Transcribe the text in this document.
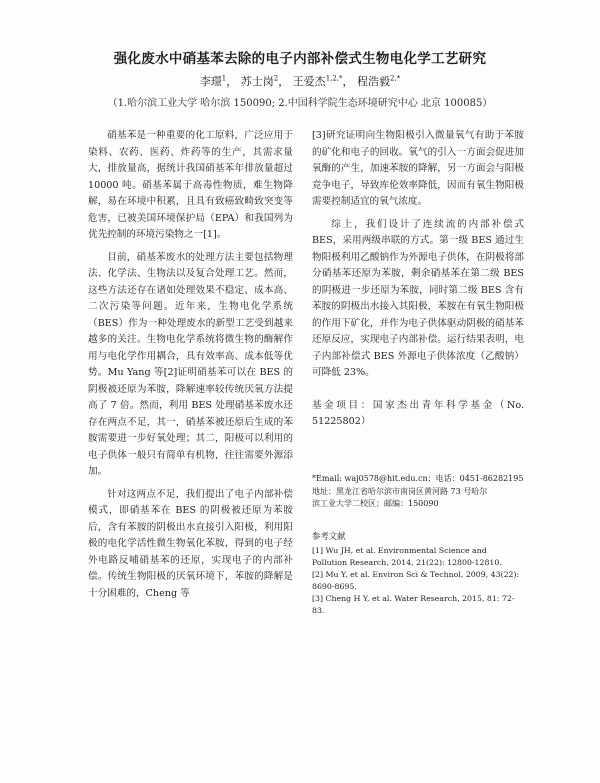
强化废水中硝基苯去除的电子内部补偿式生物电化学工艺研究
李璟$^1$， 苏士岗$^2$， 王爱杰$^{1,2,*}$， 程浩毅$^{2,*}$
（1.哈尔滨工业大学 哈尔滨 150090; 2.中国科学院生态环境研究中心 北京 100085）

硝基苯是一种重要的化工原料，广泛应用于染料、农药、医药、炸药等的生产，其需求量大，排放量高，据统计我国硝基苯年排放量超过 10000 吨。硝基苯属于高毒性物质，难生物降解，易在环境中积累，且具有致癌致畸致突变等危害，已被美国环境保护局（EPA）和我国列为优先控制的环境污染物之一[1]。

目前，硝基苯废水的处理方法主要包括物理法、化学法、生物法以及复合处理工艺。然而，这些方法还存在诸如处理效果不稳定、成本高、二次污染等问题。近年来，生物电化学系统（BES）作为一种处理废水的新型工艺受到越来越多的关注。生物电化学系统将微生物的酶解作用与电化学作用耦合，具有效率高、成本低等优势。Mu Yang 等[2]证明硝基苯可以在 BES 的阴极被还原为苯胺，降解速率较传统厌氧方法提高了 7 倍。然而，利用 BES 处理硝基苯废水还存在两点不足，其一，硝基苯被还原后生成的苯胺需要进一步好氧处理；其二，阳极可以利用的电子供体一般只有简单有机物，往往需要外源添加。

针对这两点不足，我们提出了电子内部补偿模式，即硝基苯在 BES 的阴极被还原为苯胺后，含有苯胺的阴极出水直接引入阳极，利用阳极的电化学活性微生物氧化苯胺，得到的电子经外电路反哺硝基苯的还原，实现电子的内部补偿。传统生物阳极的厌氧环境下，苯胺的降解是十分困难的，Cheng 等

[3]研究证明向生物阳极引入微量氧气有助于苯胺的矿化和电子的回收。氧气的引入一方面会促进加氧酶的产生，加速苯胺的降解，另一方面会与阳极竞争电子，导致库伦效率降低，因而有氧生物阳极需要控制适宜的氧气浓度。

综上，我们设计了连续流的内部补偿式 BES，采用两级串联的方式。第一级 BES 通过生物阳极利用乙酸钠作为外源电子供体，在阴极将部分硝基苯还原为苯胺，剩余硝基苯在第二级 BES 的阴极进一步还原为苯胺，同时第二级 BES 含有苯胺的阴极出水接入其阳极，苯胺在有氧生物阳极的作用下矿化，并作为电子供体驱动阴极的硝基苯还原反应，实现电子内部补偿。运行结果表明，电子内部补偿式 BES 外源电子供体浓度（乙酸钠）可降低 23%。

基金项目：国家杰出青年科学基金（No. 51225802）

*Email: waj0578@hit.edu.cn；电话：0451-86282195
地址：黑龙江省哈尔滨市南岗区黄河路 73 号哈尔
滨工业大学二校区；邮编：150090
参考文献
[1] Wu JH, et al. Environmental Science and Pollution Research, 2014, 21(22): 12800-12810.
[2] Mu Y, et al. Environ Sci & Technol, 2009, 43(22): 8690-8695.
[3] Cheng H Y, et al. Water Research, 2015, 81: 72-83.
